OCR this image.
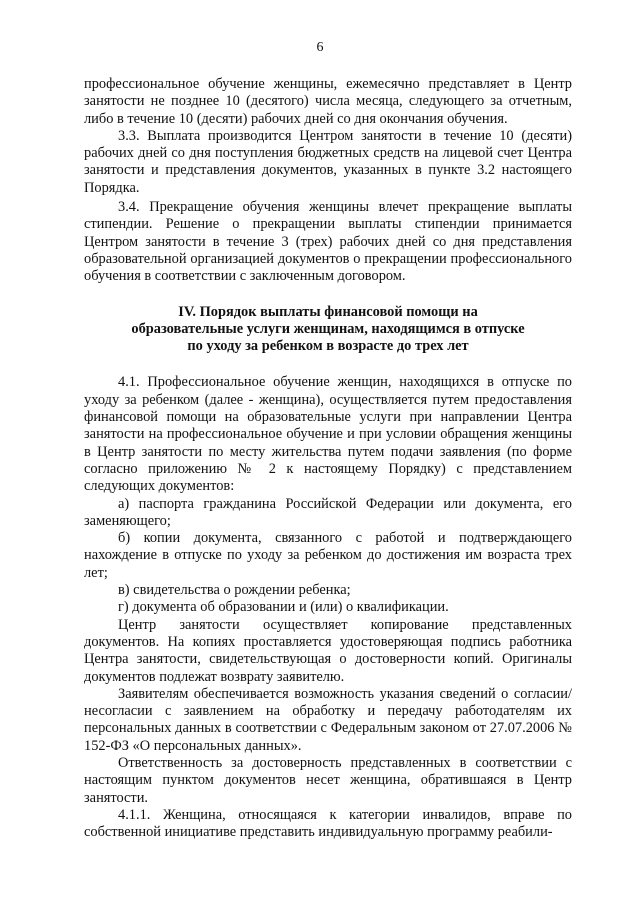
6

профессиональное обучение женщины, ежемесячно представляет в Центр занятости не позднее 10 (десятого) числа месяца, следующего за отчетным, либо в течение 10 (десяти) рабочих дней со дня окончания обучения.

3.3. Выплата производится Центром занятости в течение 10 (десяти) рабочих дней со дня поступления бюджетных средств на лицевой счет Центра занятости и представления документов, указанных в пункте 3.2 настоящего Порядка.

3.4. Прекращение обучения женщины влечет прекращение выплаты стипендии. Решение о прекращении выплаты стипендии принимается Центром занятости в течение 3 (трех) рабочих дней со дня представления образовательной организацией документов о прекращении профессионального обучения в соответствии с заключенным договором.

IV. Порядок выплаты финансовой помощи на
образовательные услуги женщинам, находящимся в отпуске
по уходу за ребенком в возрасте до трех лет

4.1. Профессиональное обучение женщин, находящихся в отпуске по уходу за ребенком (далее - женщина), осуществляется путем предоставления финансовой помощи на образовательные услуги при направлении Центра занятости на профессиональное обучение и при условии обращения женщины в Центр занятости по месту жительства путем подачи заявления (по форме согласно приложению № 2 к настоящему Порядку) с представлением следующих документов:

а) паспорта гражданина Российской Федерации или документа, его заменяющего;

б) копии документа, связанного с работой и подтверждающего нахождение в отпуске по уходу за ребенком до достижения им возраста трех лет;

в) свидетельства о рождении ребенка;

г) документа об образовании и (или) о квалификации.

Центр занятости осуществляет копирование представленных документов. На копиях проставляется удостоверяющая подпись работника Центра занятости, свидетельствующая о достоверности копий. Оригиналы документов подлежат возврату заявителю.

Заявителям обеспечивается возможность указания сведений о согласии/несогласии с заявлением на обработку и передачу работодателям их персональных данных в соответствии с Федеральным законом от 27.07.2006 № 152-ФЗ «О персональных данных».

Ответственность за достоверность представленных в соответствии с настоящим пунктом документов несет женщина, обратившаяся в Центр занятости.

4.1.1. Женщина, относящаяся к категории инвалидов, вправе по собственной инициативе представить индивидуальную программу реабили-
